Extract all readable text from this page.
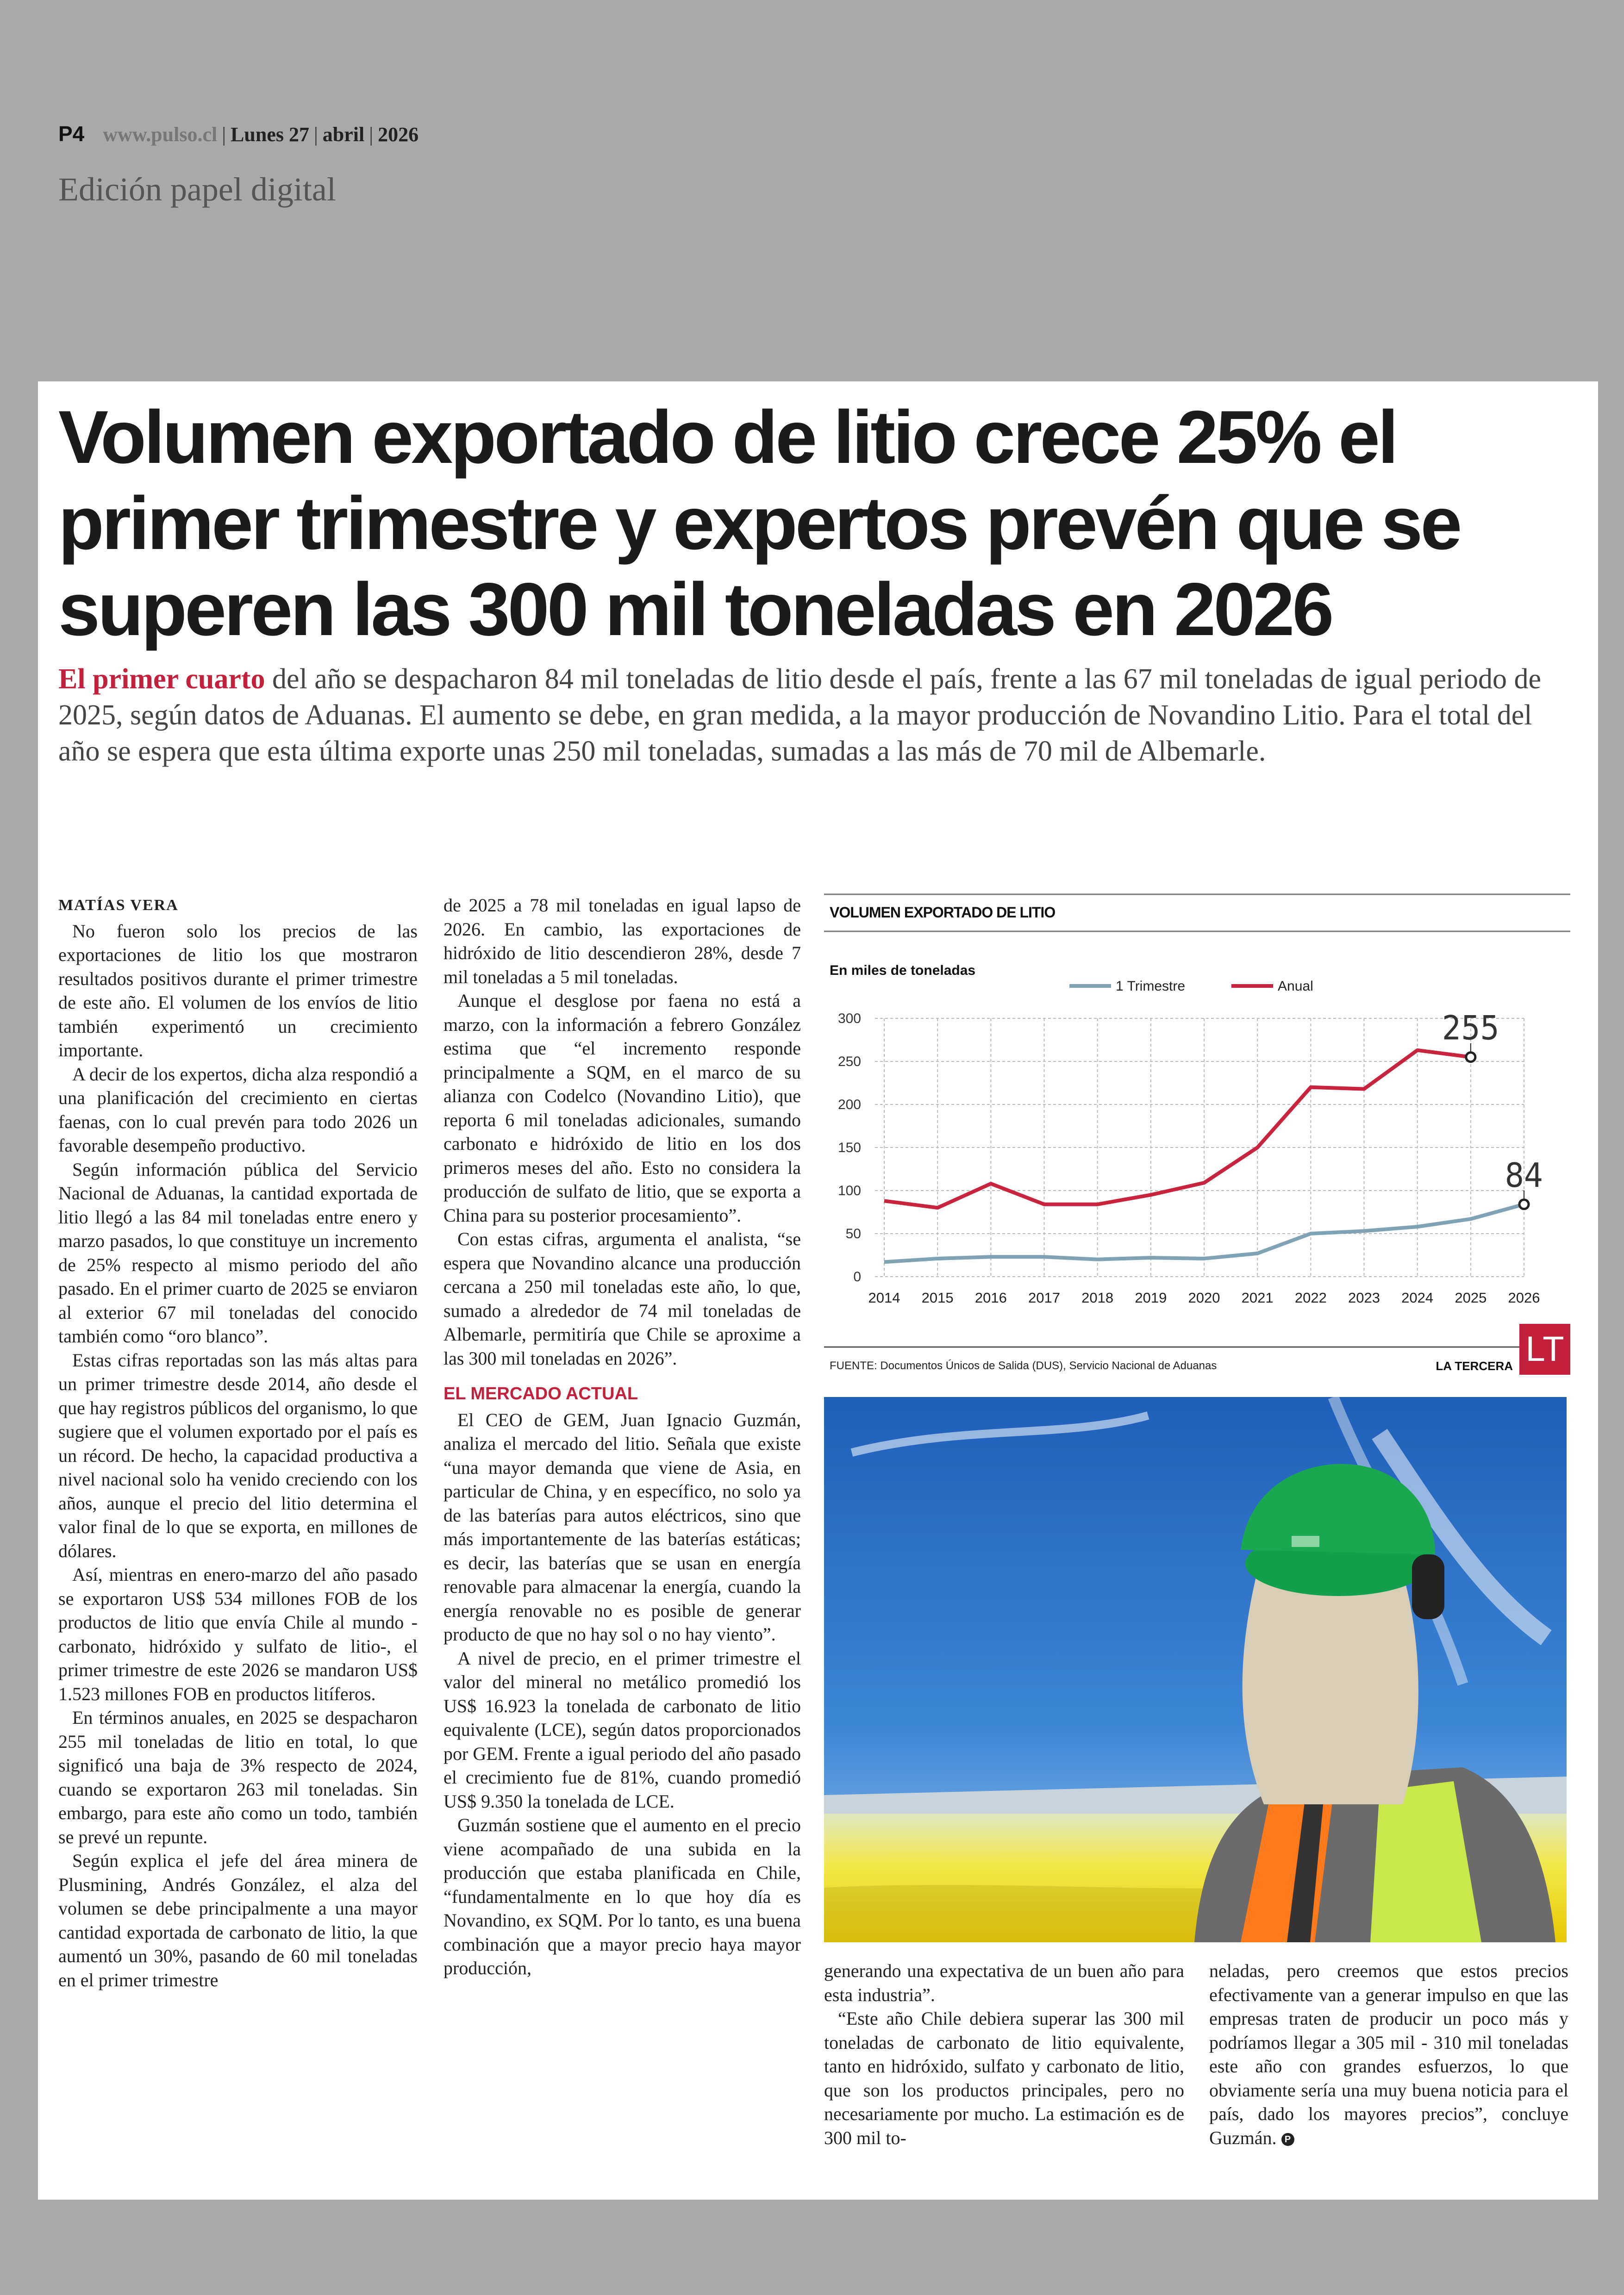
P4 www.pulso.cl | Lunes 27 | abril | 2026
Edición papel digital
Volumen exportado de litio crece 25% el primer trimestre y expertos prevén que se superen las 300 mil toneladas en 2026
El primer cuarto del año se despacharon 84 mil toneladas de litio desde el país, frente a las 67 mil toneladas de igual periodo de 2025, según datos de Aduanas. El aumento se debe, en gran medida, a la mayor producción de Novandino Litio. Para el total del año se espera que esta última exporte unas 250 mil toneladas, sumadas a las más de 70 mil de Albemarle.
MATÍAS VERA

No fueron solo los precios de las exportaciones de litio los que mostraron resultados positivos durante el primer trimestre de este año. El volumen de los envíos de litio también experimentó un crecimiento importante.

A decir de los expertos, dicha alza respondió a una planificación del crecimiento en ciertas faenas, con lo cual prevén para todo 2026 un favorable desempeño productivo.

Según información pública del Servicio Nacional de Aduanas, la cantidad exportada de litio llegó a las 84 mil toneladas entre enero y marzo pasados, lo que constituye un incremento de 25% respecto al mismo periodo del año pasado. En el primer cuarto de 2025 se enviaron al exterior 67 mil toneladas del conocido también como “oro blanco”.

Estas cifras reportadas son las más altas para un primer trimestre desde 2014, año desde el que hay registros públicos del organismo, lo que sugiere que el volumen exportado por el país es un récord. De hecho, la capacidad productiva a nivel nacional solo ha venido creciendo con los años, aunque el precio del litio determina el valor final de lo que se exporta, en millones de dólares.

Así, mientras en enero-marzo del año pasado se exportaron US$ 534 millones FOB de los productos de litio que envía Chile al mundo -carbonato, hidróxido y sulfato de litio-, el primer trimestre de este 2026 se mandaron US$ 1.523 millones FOB en productos litíferos.

En términos anuales, en 2025 se despacharon 255 mil toneladas de litio en total, lo que significó una baja de 3% respecto de 2024, cuando se exportaron 263 mil toneladas. Sin embargo, para este año como un todo, también se prevé un repunte.

Según explica el jefe del área minera de Plusmining, Andrés González, el alza del volumen se debe principalmente a una mayor cantidad exportada de carbonato de litio, la que aumentó un 30%, pasando de 60 mil toneladas en el primer trimestre

de 2025 a 78 mil toneladas en igual lapso de 2026. En cambio, las exportaciones de hidróxido de litio descendieron 28%, desde 7 mil toneladas a 5 mil toneladas.

Aunque el desglose por faena no está a marzo, con la información a febrero González estima que “el incremento responde principalmente a SQM, en el marco de su alianza con Codelco (Novandino Litio), que reporta 6 mil toneladas adicionales, sumando carbonato e hidróxido de litio en los dos primeros meses del año. Esto no considera la producción de sulfato de litio, que se exporta a China para su posterior procesamiento”.

Con estas cifras, argumenta el analista, “se espera que Novandino alcance una producción cercana a 250 mil toneladas este año, lo que, sumado a alrededor de 74 mil toneladas de Albemarle, permitiría que Chile se aproxime a las 300 mil toneladas en 2026”.

EL MERCADO ACTUAL

El CEO de GEM, Juan Ignacio Guzmán, analiza el mercado del litio. Señala que existe “una mayor demanda que viene de Asia, en particular de China, y en específico, no solo ya de las baterías para autos eléctricos, sino que más importantemente de las baterías estáticas; es decir, las baterías que se usan en energía renovable para almacenar la energía, cuando la energía renovable no es posible de generar producto de que no hay sol o no hay viento”.

A nivel de precio, en el primer trimestre el valor del mineral no metálico promedió los US$ 16.923 la tonelada de carbonato de litio equivalente (LCE), según datos proporcionados por GEM. Frente a igual periodo del año pasado el crecimiento fue de 81%, cuando promedió US$ 9.350 la tonelada de LCE.

Guzmán sostiene que el aumento en el precio viene acompañado de una subida en la producción que estaba planificada en Chile, “fundamentalmente en lo que hoy día es Novandino, ex SQM. Por lo tanto, es una buena combinación que a mayor precio haya mayor producción,

VOLUMEN EXPORTADO DE LITIO
En miles de toneladas
1 Trimestre	Anual
0
50
100
150
200
250
300
2014 2015 2016 2017 2018 2019 2020 2021 2022 2023 2024 2025 2026
255
84
LT
FUENTE: Documentos Únicos de Salida (DUS), Servicio Nacional de Aduanas	LA TERCERA

generando una expectativa de un buen año para esta industria”.

“Este año Chile debiera superar las 300 mil toneladas de carbonato de litio equivalente, tanto en hidróxido, sulfato y carbonato de litio, que son los productos principales, pero no necesariamente por mucho. La estimación es de 300 mil to-

neladas, pero creemos que estos precios efectivamente van a generar impulso en que las empresas traten de producir un poco más y podríamos llegar a 305 mil - 310 mil toneladas este año con grandes esfuerzos, lo que obviamente sería una muy buena noticia para el país, dado los mayores precios”, concluye Guzmán. P
